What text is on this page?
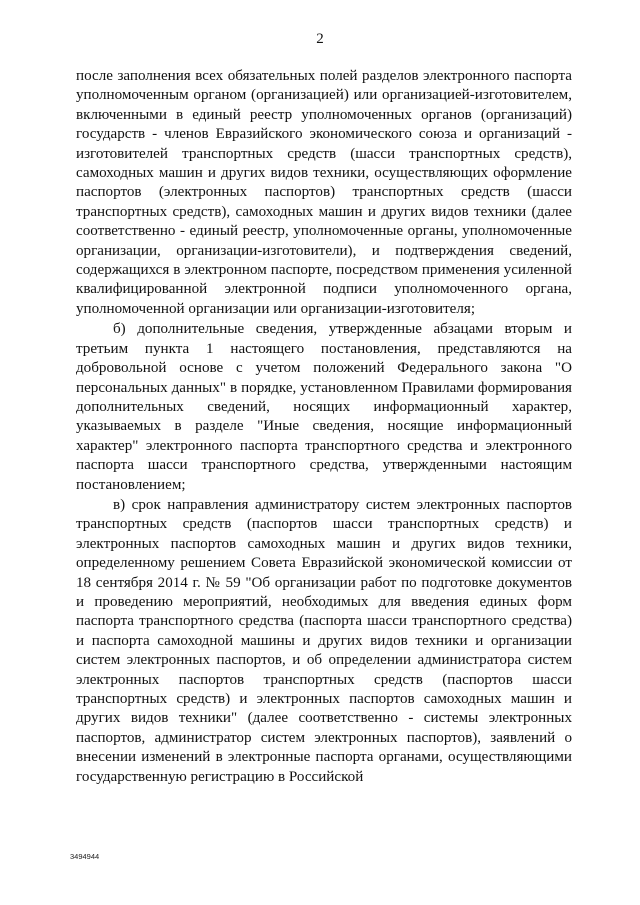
2

после заполнения всех обязательных полей разделов электронного паспорта уполномоченным органом (организацией) или организацией-изготовителем, включенными в единый реестр уполномоченных органов (организаций) государств - членов Евразийского экономического союза и организаций - изготовителей транспортных средств (шасси транспортных средств), самоходных машин и других видов техники, осуществляющих оформление паспортов (электронных паспортов) транспортных средств (шасси транспортных средств), самоходных машин и других видов техники (далее соответственно - единый реестр, уполномоченные органы, уполномоченные организации, организации-изготовители), и подтверждения сведений, содержащихся в электронном паспорте, посредством применения усиленной квалифицированной электронной подписи уполномоченного органа, уполномоченной организации или организации-изготовителя;

б) дополнительные сведения, утвержденные абзацами вторым и третьим пункта 1 настоящего постановления, представляются на добровольной основе с учетом положений Федерального закона "О персональных данных" в порядке, установленном Правилами формирования дополнительных сведений, носящих информационный характер, указываемых в разделе "Иные сведения, носящие информационный характер" электронного паспорта транспортного средства и электронного паспорта шасси транспортного средства, утвержденными настоящим постановлением;

в) срок направления администратору систем электронных паспортов транспортных средств (паспортов шасси транспортных средств) и электронных паспортов самоходных машин и других видов техники, определенному решением Совета Евразийской экономической комиссии от 18 сентября 2014 г. № 59 "Об организации работ по подготовке документов и проведению мероприятий, необходимых для введения единых форм паспорта транспортного средства (паспорта шасси транспортного средства) и паспорта самоходной машины и других видов техники и организации систем электронных паспортов, и об определении администратора систем электронных паспортов транспортных средств (паспортов шасси транспортных средств) и электронных паспортов самоходных машин и других видов техники" (далее соответственно - системы электронных паспортов, администратор систем электронных паспортов), заявлений о внесении изменений в электронные паспорта органами, осуществляющими государственную регистрацию в Российской

3494944
